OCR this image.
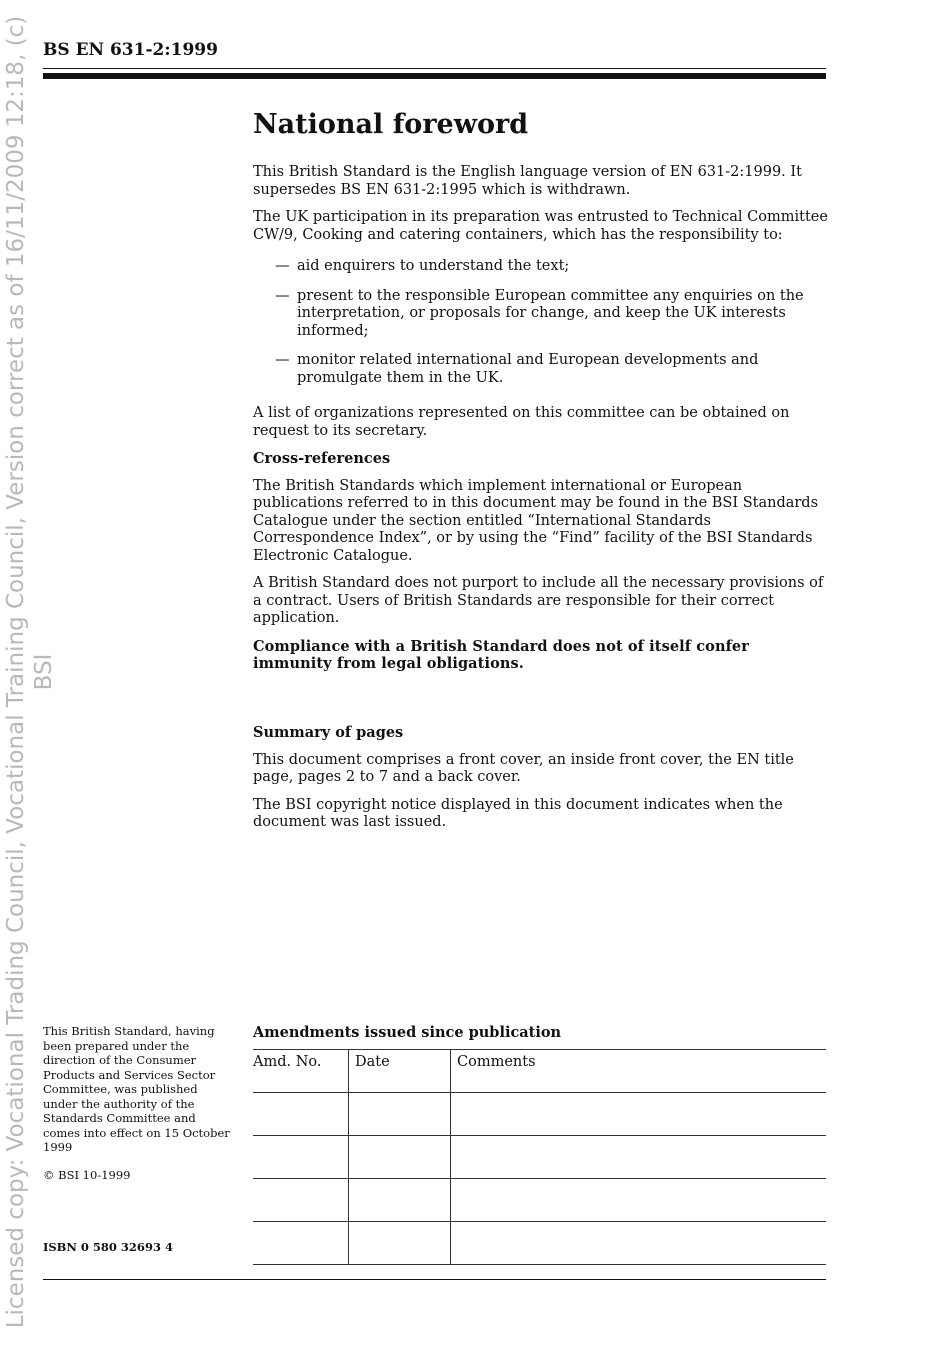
Licensed copy: Vocational Trading Council, Vocational Training Council, Version correct as of 16/11/2009 12:18, (c) BSI
BS EN 631-2:1999
National foreword

This British Standard is the English language version of EN 631-2:1999. It supersedes BS EN 631-2:1995 which is withdrawn.

The UK participation in its preparation was entrusted to Technical Committee CW/9, Cooking and catering containers, which has the responsibility to:

— aid enquirers to understand the text;
— present to the responsible European committee any enquiries on the interpretation, or proposals for change, and keep the UK interests informed;
— monitor related international and European developments and promulgate them in the UK.

A list of organizations represented on this committee can be obtained on request to its secretary.

Cross-references

The British Standards which implement international or European publications referred to in this document may be found in the BSI Standards Catalogue under the section entitled “International Standards Correspondence Index”, or by using the “Find” facility of the BSI Standards Electronic Catalogue.

A British Standard does not purport to include all the necessary provisions of a contract. Users of British Standards are responsible for their correct application.

Compliance with a British Standard does not of itself confer immunity from legal obligations.

Summary of pages

This document comprises a front cover, an inside front cover, the EN title page, pages 2 to 7 and a back cover.

The BSI copyright notice displayed in this document indicates when the document was last issued.

This British Standard, having been prepared under the direction of the Consumer Products and Services Sector Committee, was published under the authority of the Standards Committee and comes into effect on 15 October 1999
© BSI 10-1999
ISBN 0 580 32693 4
Amendments issued since publication
Amd. No.	Date	Comments
